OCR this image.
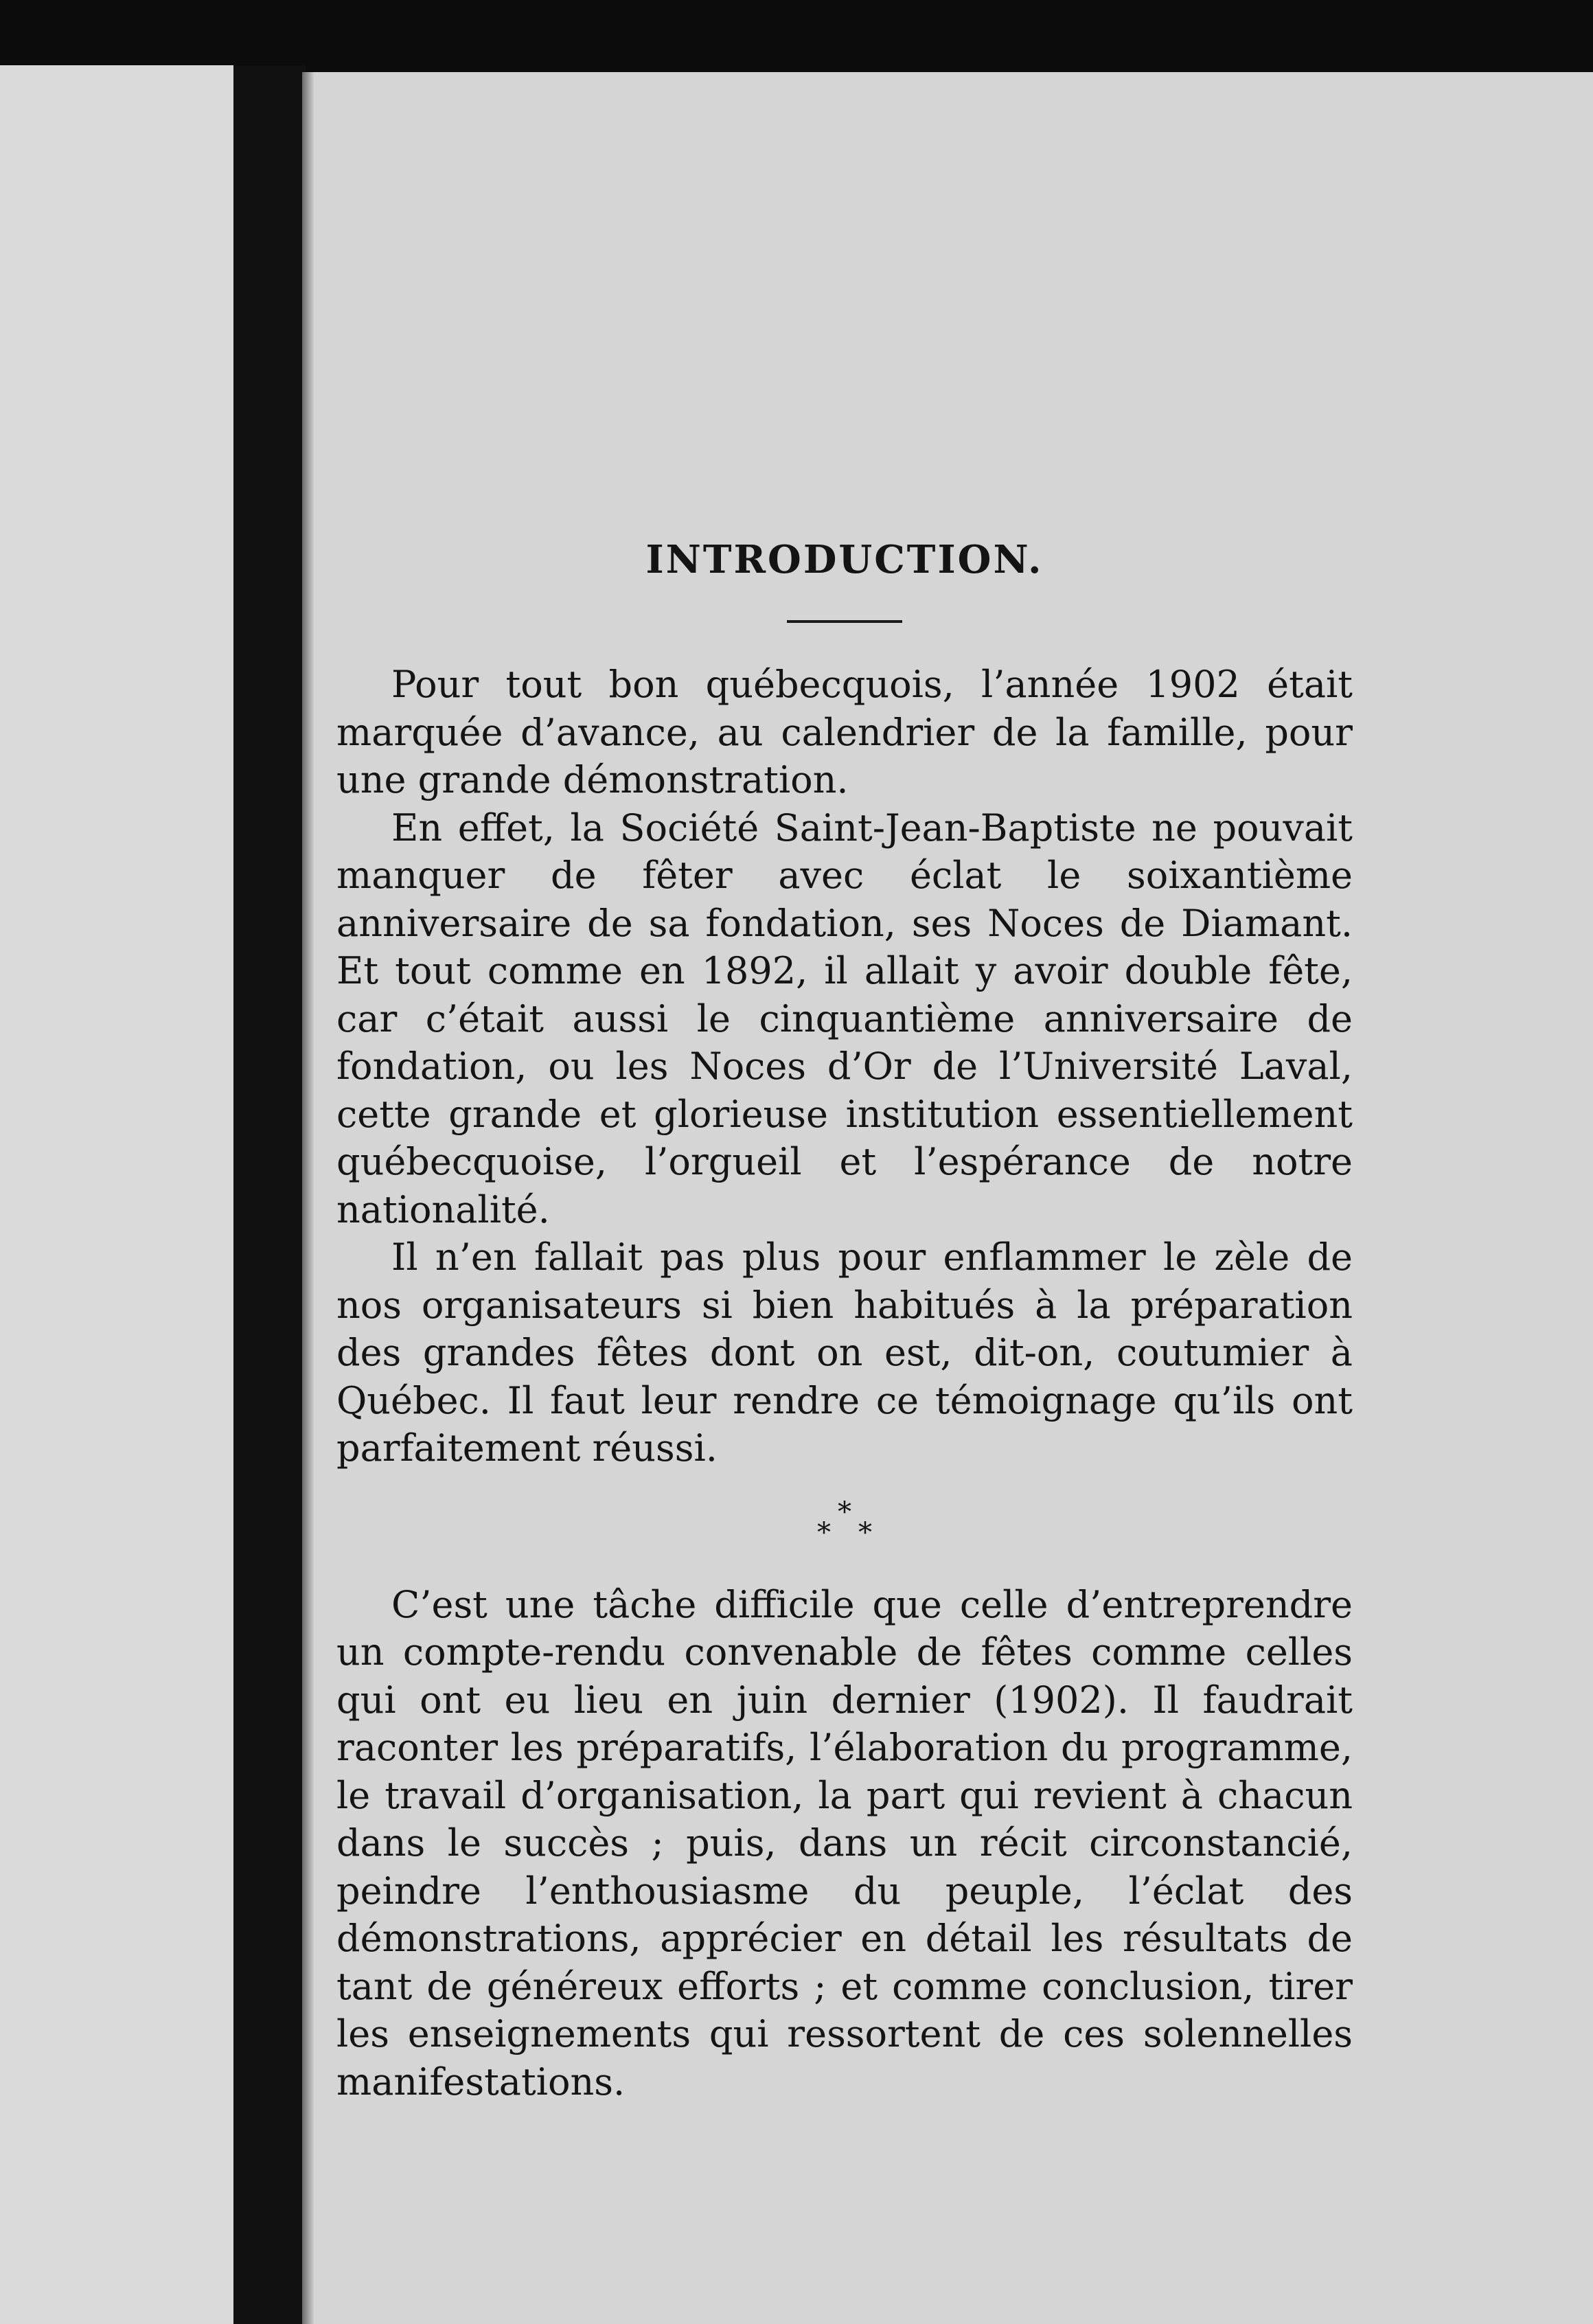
INTRODUCTION.

Pour tout bon québecquois, l’année 1902 était marquée d’avance, au calendrier de la famille, pour une grande démonstration.

En effet, la Société Saint-Jean-Baptiste ne pouvait manquer de fêter avec éclat le soixantième anniversaire de sa fondation, ses Noces de Diamant. Et tout comme en 1892, il allait y avoir double fête, car c’était aussi le cinquantième anniversaire de fondation, ou les Noces d’Or de l’Université Laval, cette grande et glorieuse institution essentiellement québecquoise, l’orgueil et l’espérance de notre nationalité.

Il n’en fallait pas plus pour enflammer le zèle de nos organisateurs si bien habitués à la préparation des grandes fêtes dont on est, dit-on, coutumier à Québec. Il faut leur rendre ce témoignage qu’ils ont parfaitement réussi.

*
* *

C’est une tâche difficile que celle d’entreprendre un compte-rendu convenable de fêtes comme celles qui ont eu lieu en juin dernier (1902). Il faudrait raconter les préparatifs, l’élaboration du programme, le travail d’organisation, la part qui revient à chacun dans le succès ; puis, dans un récit circonstancié, peindre l’enthousiasme du peuple, l’éclat des démonstrations, apprécier en détail les résultats de tant de généreux efforts ; et comme conclusion, tirer les enseignements qui ressortent de ces solennelles manifestations.
